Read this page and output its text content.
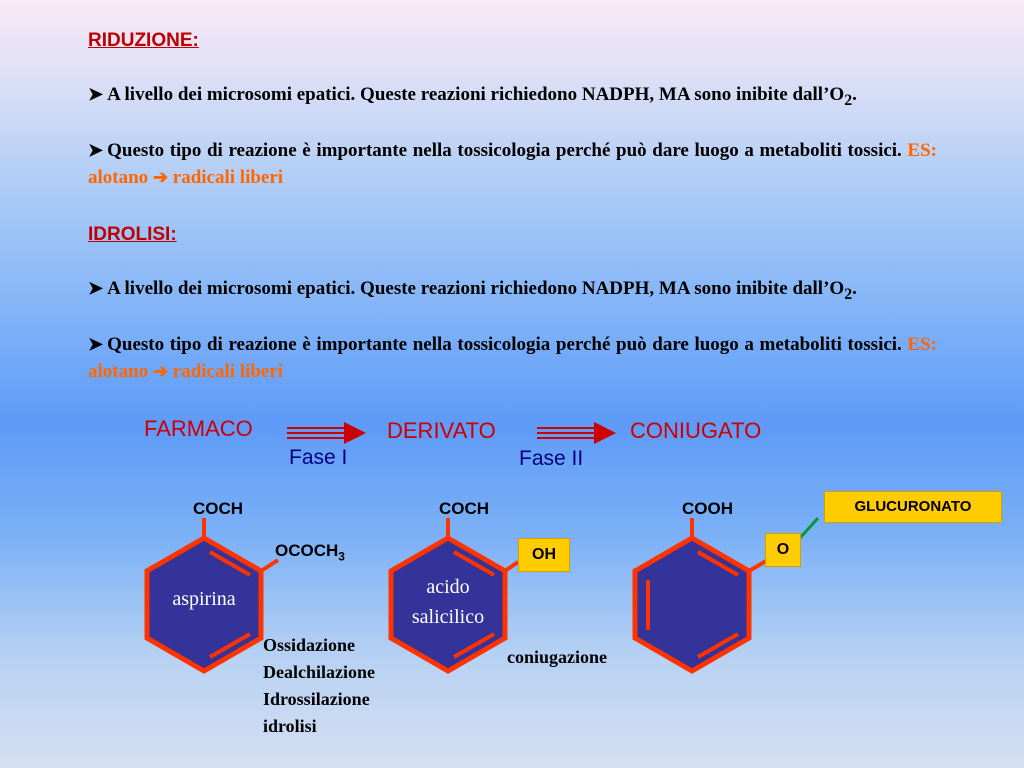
RIDUZIONE:
➤ A livello dei microsomi epatici. Queste reazioni richiedono NADPH, MA sono inibite $dall’O_2$.
➤ Questo tipo di reazione è importante nella tossicologia perché può dare luogo a metaboliti tossici. ES: alotano ➔ radicali liberi
IDROLISI:
➤ A livello dei microsomi epatici. Queste reazioni richiedono NADPH, MA sono inibite $dall’O_2$.
➤ Questo tipo di reazione è importante nella tossicologia perché può dare luogo a metaboliti tossici. ES: alotano ➔ radicali liberi
FARMACO	DERIVATO	CONIUGATO
Fase I	Fase II
COCH
$OCOCH_3$
aspirina
COCH
OH
acido
salicilico
COOH
O
GLUCURONATO
Ossidazione
Dealchilazione
Idrossilazione
idrolisi
coniugazione
